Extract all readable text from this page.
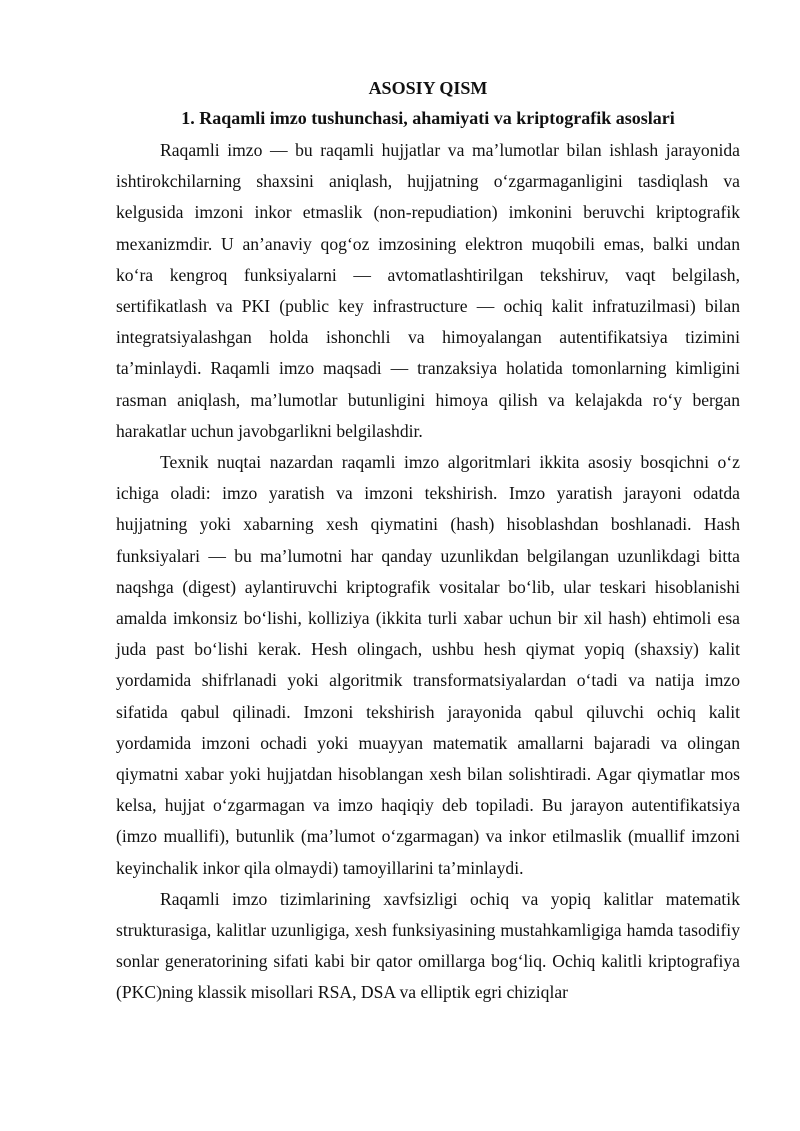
ASOSIY QISM
1. Raqamli imzo tushunchasi, ahamiyati va kriptografik asoslari

Raqamli imzo — bu raqamli hujjatlar va ma’lumotlar bilan ishlash jarayonida ishtirokchilarning shaxsini aniqlash, hujjatning o‘zgarmaganligini tasdiqlash va kelgusida imzoni inkor etmaslik (non-repudiation) imkonini beruvchi kriptografik mexanizmdir. U an’anaviy qog‘oz imzosining elektron muqobili emas, balki undan ko‘ra kengroq funksiyalarni — avtomatlashtirilgan tekshiruv, vaqt belgilash, sertifikatlash va PKI (public key infrastructure — ochiq kalit infratuzilmasi) bilan integratsiyalashgan holda ishonchli va himoyalangan autentifikatsiya tizimini ta’minlaydi. Raqamli imzo maqsadi — tranzaksiya holatida tomonlarning kimligini rasman aniqlash, ma’lumotlar butunligini himoya qilish va kelajakda ro‘y bergan harakatlar uchun javobgarlikni belgilashdir.

Texnik nuqtai nazardan raqamli imzo algoritmlari ikkita asosiy bosqichni o‘z ichiga oladi: imzo yaratish va imzoni tekshirish. Imzo yaratish jarayoni odatda hujjatning yoki xabarning xesh qiymatini (hash) hisoblashdan boshlanadi. Hash funksiyalari — bu ma’lumotni har qanday uzunlikdan belgilangan uzunlikdagi bitta naqshga (digest) aylantiruvchi kriptografik vositalar bo‘lib, ular teskari hisoblanishi amalda imkonsiz bo‘lishi, kolliziya (ikkita turli xabar uchun bir xil hash) ehtimoli esa juda past bo‘lishi kerak. Hesh olingach, ushbu hesh qiymat yopiq (shaxsiy) kalit yordamida shifrlanadi yoki algoritmik transformatsiyalardan o‘tadi va natija imzo sifatida qabul qilinadi. Imzoni tekshirish jarayonida qabul qiluvchi ochiq kalit yordamida imzoni ochadi yoki muayyan matematik amallarni bajaradi va olingan qiymatni xabar yoki hujjatdan hisoblangan xesh bilan solishtiradi. Agar qiymatlar mos kelsa, hujjat o‘zgarmagan va imzo haqiqiy deb topiladi. Bu jarayon autentifikatsiya (imzo muallifi), butunlik (ma’lumot o‘zgarmagan) va inkor etilmaslik (muallif imzoni keyinchalik inkor qila olmaydi) tamoyillarini ta’minlaydi.

Raqamli imzo tizimlarining xavfsizligi ochiq va yopiq kalitlar matematik strukturasiga, kalitlar uzunligiga, xesh funksiyasining mustahkamligiga hamda tasodifiy sonlar generatorining sifati kabi bir qator omillarga bog‘liq. Ochiq kalitli kriptografiya (PKC)ning klassik misollari RSA, DSA va elliptik egri chiziqlar
